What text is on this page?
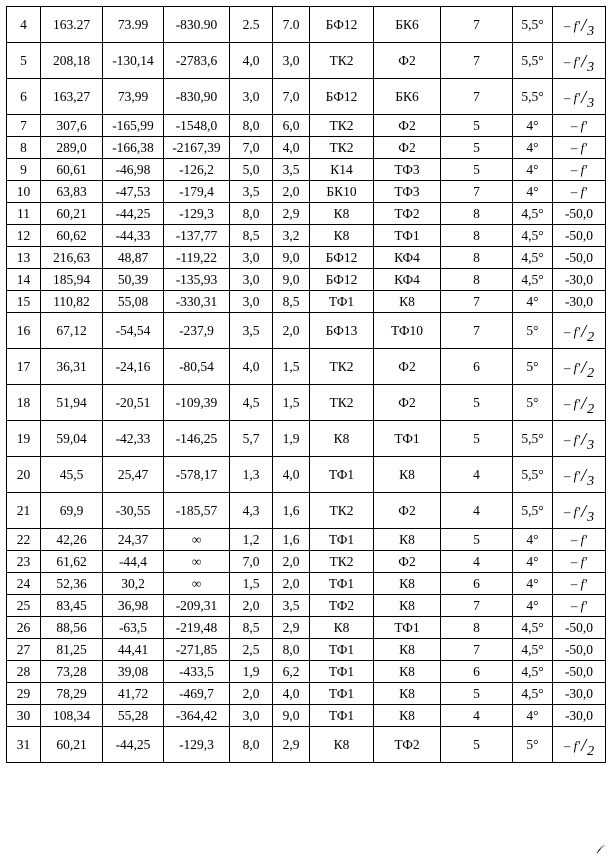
4	163.27	73.99	-830.90	2.5	7.0	БФ12	БК6	7	5,5°	– f'/3
5	208,18	-130,14	-2783,6	4,0	3,0	ТК2	Ф2	7	5,5°	– f'/3
6	163,27	73,99	-830,90	3,0	7,0	БФ12	БК6	7	5,5°	– f'/3
7	307,6	-165,99	-1548,0	8,0	6,0	ТК2	Ф2	5	4°	– f'
8	289,0	-166,38	-2167,39	7,0	4,0	ТК2	Ф2	5	4°	– f'
9	60,61	-46,98	-126,2	5,0	3,5	К14	ТФ3	5	4°	– f'
10	63,83	-47,53	-179,4	3,5	2,0	БК10	ТФ3	7	4°	– f'
11	60,21	-44,25	-129,3	8,0	2,9	К8	ТФ2	8	4,5°	-50,0
12	60,62	-44,33	-137,77	8,5	3,2	К8	ТФ1	8	4,5°	-50,0
13	216,63	48,87	-119,22	3,0	9,0	БФ12	КФ4	8	4,5°	-50,0
14	185,94	50,39	-135,93	3,0	9,0	БФ12	КФ4	8	4,5°	-30,0
15	110,82	55,08	-330,31	3,0	8,5	ТФ1	К8	7	4°	-30,0
16	67,12	-54,54	-237,9	3,5	2,0	БФ13	ТФ10	7	5°	– f'/2
17	36,31	-24,16	-80,54	4,0	1,5	ТК2	Ф2	6	5°	– f'/2
18	51,94	-20,51	-109,39	4,5	1,5	ТК2	Ф2	5	5°	– f'/2
19	59,04	-42,33	-146,25	5,7	1,9	К8	ТФ1	5	5,5°	– f'/3
20	45,5	25,47	-578,17	1,3	4,0	ТФ1	К8	4	5,5°	– f'/3
21	69,9	-30,55	-185,57	4,3	1,6	ТК2	Ф2	4	5,5°	– f'/3
22	42,26	24,37	∞	1,2	1,6	ТФ1	К8	5	4°	– f'
23	61,62	-44,4	∞	7,0	2,0	ТК2	Ф2	4	4°	– f'
24	52,36	30,2	∞	1,5	2,0	ТФ1	К8	6	4°	– f'
25	83,45	36,98	-209,31	2,0	3,5	ТФ2	К8	7	4°	– f'
26	88,56	-63,5	-219,48	8,5	2,9	К8	ТФ1	8	4,5°	-50,0
27	81,25	44,41	-271,85	2,5	8,0	ТФ1	К8	7	4,5°	-50,0
28	73,28	39,08	-433,5	1,9	6,2	ТФ1	К8	6	4,5°	-50,0
29	78,29	41,72	-469,7	2,0	4,0	ТФ1	К8	5	4,5°	-30,0
30	108,34	55,28	-364,42	3,0	9,0	ТФ1	К8	4	4°	-30,0
31	60,21	-44,25	-129,3	8,0	2,9	К8	ТФ2	5	5°	– f'/2
𝒻
